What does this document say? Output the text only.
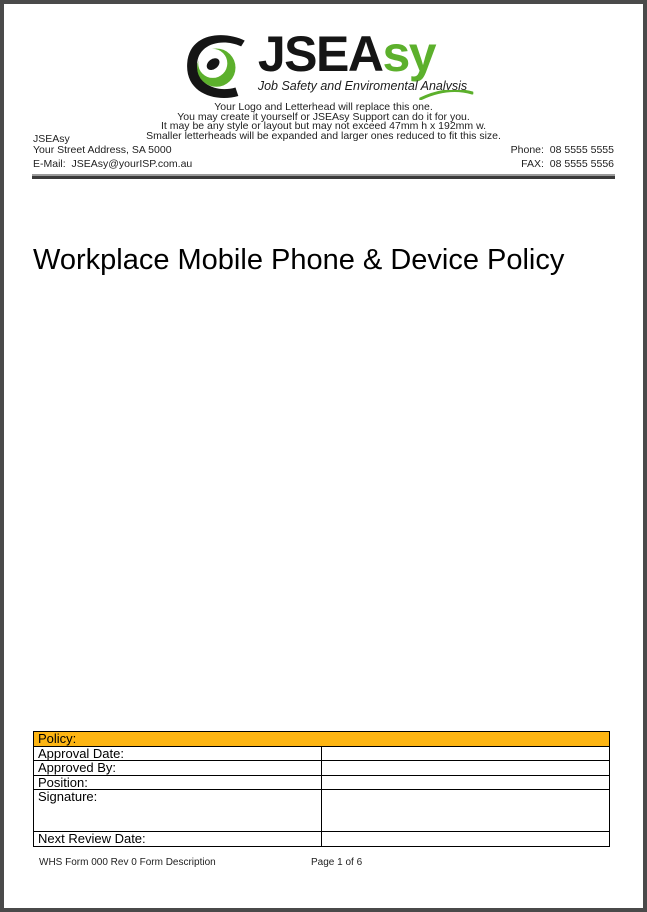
JSEAsy
Job Safety and Enviromental Analysis
Your Logo and Letterhead will replace this one.
You may create it yourself or JSEAsy Support can do it for you.
It may be any style or layout but may not exceed 47mm h x 192mm w.
Smaller letterheads will be expanded and larger ones reduced to fit this size.
JSEAsy
Your Street Address, SA 5000	Phone:  08 5555 5555
E-Mail:  JSEAsy@yourISP.com.au	FAX:  08 5555 5556
Workplace Mobile Phone & Device Policy
Policy:	
Approval Date:	
Approved By:	
Position:	
Signature:	
Next Review Date:	
WHS Form 000 Rev 0 Form Description	Page 1 of 6
